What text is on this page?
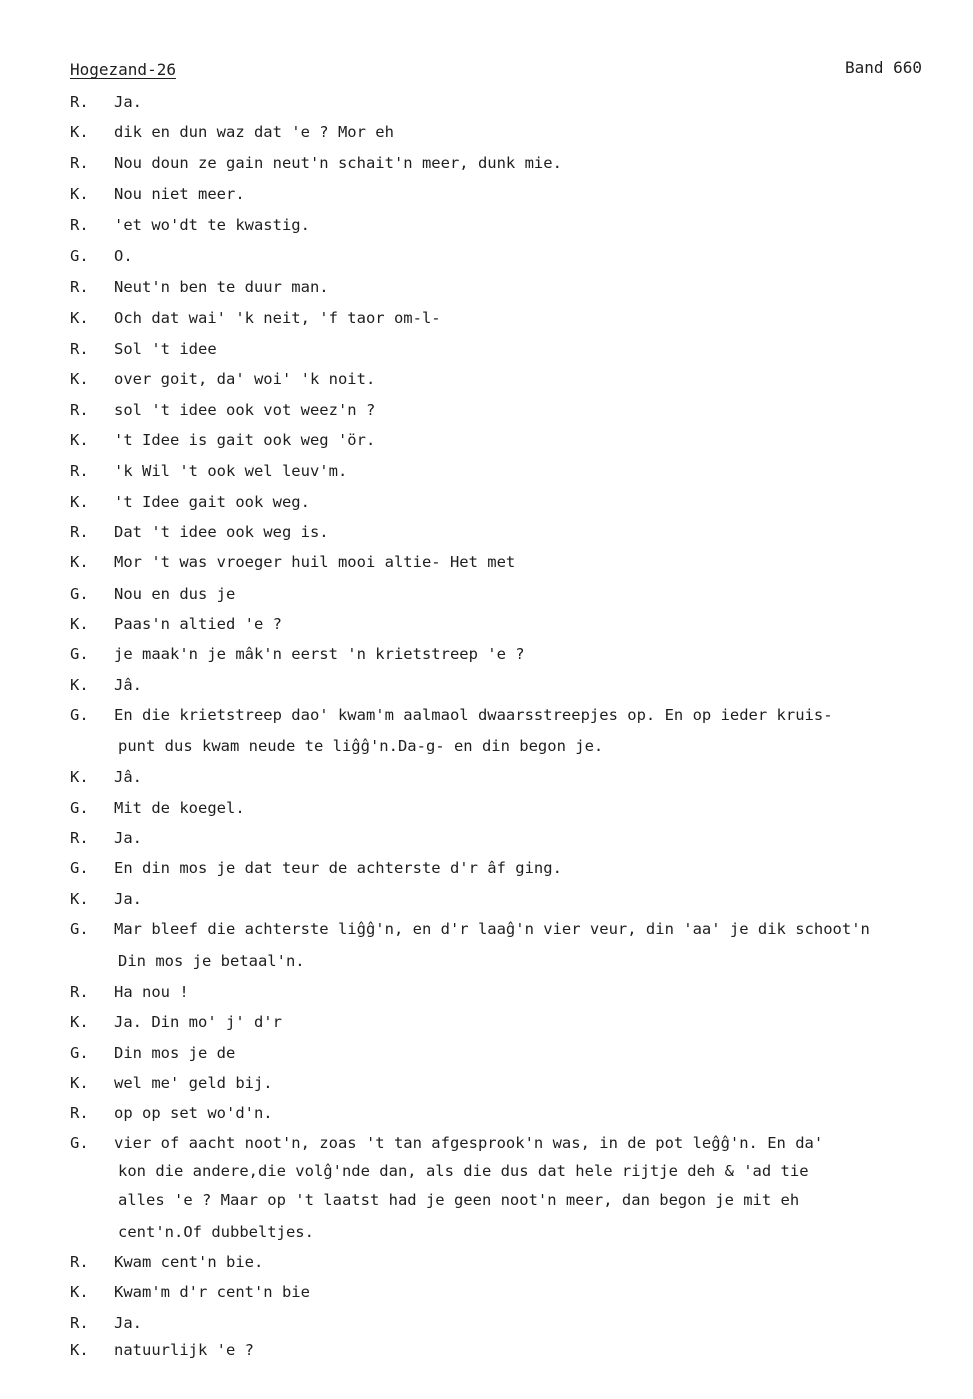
Hogezand-26	Band 660
R.	Ja.
K.	dik en dun waz dat 'e ? Mor eh
R.	Nou doun ze gain neut'n schait'n meer, dunk mie.
K.	Nou niet meer.
R.	'et wo'dt te kwastig.
G.	O.
R.	Neut'n ben te duur man.
K.	Och dat wai' 'k neit, 'f taor om-l-
R.	Sol 't idee
K.	over goit, da' woi' 'k noit.
R.	sol 't idee ook vot weez'n ?
K.	't Idee is gait ook weg 'ör.
R.	'k Wil 't ook wel leuv'm.
K.	't Idee gait ook weg.
R.	Dat 't idee ook weg is.
K.	Mor 't was vroeger huil mooi altie- Het met
G.	Nou en dus je
K.	Paas'n altied 'e ?
G.	je maak'n je mâk'n eerst 'n krietstreep 'e ?
K.	Jâ.
G.	En die krietstreep dao' kwam'm aalmaol dwaarsstreepjes op. En op ieder kruis-
punt dus kwam neude te liĝĝ'n.Da-g- en din begon je.
K.	Jâ.
G.	Mit de koegel.
R.	Ja.
G.	En din mos je dat teur de achterste d'r âf ging.
K.	Ja.
G.	Mar bleef die achterste liĝĝ'n, en d'r laaĝ'n vier veur, din 'aa' je dik schoot'n
Din mos je betaal'n.
R.	Ha nou !
K.	Ja. Din mo' j' d'r
G.	Din mos je de
K.	wel me' geld bij.
R.	op op set wo'd'n.
G.	vier of aacht noot'n, zoas 't tan afgesprook'n was, in de pot leĝĝ'n. En da'
kon die andere,die volĝ'nde dan, als die dus dat hele rijtje deh & 'ad tie
alles 'e ? Maar op 't laatst had je geen noot'n meer, dan begon je mit eh
cent'n.Of dubbeltjes.
R.	Kwam cent'n bie.
K.	Kwam'm d'r cent'n bie
R.	Ja.
K.	natuurlijk 'e ?
